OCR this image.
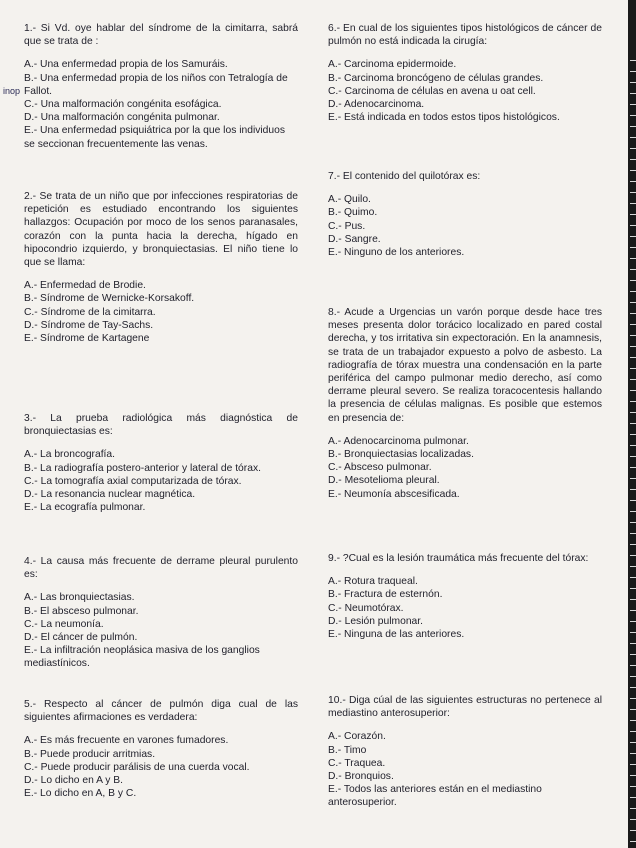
1.- Si Vd. oye hablar del síndrome de la cimitarra, sabrá que se trata de :

A.- Una enfermedad propia de los Samuráis.
B.- Una enfermedad propia de los niños con Tetralogía de Fallot.
C.- Una malformación congénita esofágica.
D.- Una malformación congénita pulmonar.
E.- Una enfermedad psiquiátrica por la que los individuos se seccionan frecuentemente las venas.

2.- Se trata de un niño que por infecciones respiratorias de repetición es estudiado encontrando los siguientes hallazgos: Ocupación por moco de los senos paranasales, corazón con la punta hacia la derecha, hígado en hipocondrio izquierdo, y bronquiectasias. El niño tiene lo que se llama:

A.- Enfermedad de Brodie.
B.- Síndrome de Wernicke-Korsakoff.
C.- Síndrome de la cimitarra.
D.- Síndrome de Tay-Sachs.
E.- Síndrome de Kartagene

3.- La prueba radiológica más diagnóstica de bronquiectasias es:

A.- La broncografía.
B.- La radiografía postero-anterior y lateral de tórax.
C.- La tomografía axial computarizada de tórax.
D.- La resonancia nuclear magnética.
E.- La ecografía pulmonar.

4.- La causa más frecuente de derrame pleural purulento es:

A.- Las bronquiectasias.
B.- El absceso pulmonar.
C.- La neumonía.
D.- El cáncer de pulmón.
E.- La infiltración neoplásica masiva de los ganglios mediastínicos.

5.- Respecto al cáncer de pulmón diga cual de las siguientes afirmaciones es verdadera:

A.- Es más frecuente en varones fumadores.
B.- Puede producir arritmias.
C.- Puede producir parálisis de una cuerda vocal.
D.- Lo dicho en A y B.
E.- Lo dicho en A, B y C.

6.- En cual de los siguientes tipos histológicos de cáncer de pulmón no está indicada la cirugía:

A.- Carcinoma epidermoide.
B.- Carcinoma broncógeno de células grandes.
C.- Carcinoma de células en avena u oat cell.
D.- Adenocarcinoma.
E.- Está indicada en todos estos tipos histológicos.

7.- El contenido del quilotórax es:

A.- Quilo.
B.- Quimo.
C.- Pus.
D.- Sangre.
E.- Ninguno de los anteriores.

8.- Acude a Urgencias un varón porque desde hace tres meses presenta dolor torácico localizado en pared costal derecha, y tos irritativa sin expectoración. En la anamnesis, se trata de un trabajador expuesto a polvo de asbesto. La radiografía de tórax muestra una condensación en la parte periférica del campo pulmonar medio derecho, así como derrame pleural severo. Se realiza toracocentesis hallando la presencia de células malignas. Es posible que estemos en presencia de:

A.- Adenocarcinoma pulmonar.
B.- Bronquiectasias localizadas.
C.- Absceso pulmonar.
D.- Mesotelioma pleural.
E.- Neumonía abscesificada.

9.- ?Cual es la lesión traumática más frecuente del tórax:

A.- Rotura traqueal.
B.- Fractura de esternón.
C.- Neumotórax.
D.- Lesión pulmonar.
E.- Ninguna de las anteriores.

10.- Diga cúal de las siguientes estructuras no pertenece al mediastino anterosuperior:

A.- Corazón.
B.- Timo
C.- Traquea.
D.- Bronquios.
E.- Todos las anteriores están en el mediastino anterosuperior.
inop
